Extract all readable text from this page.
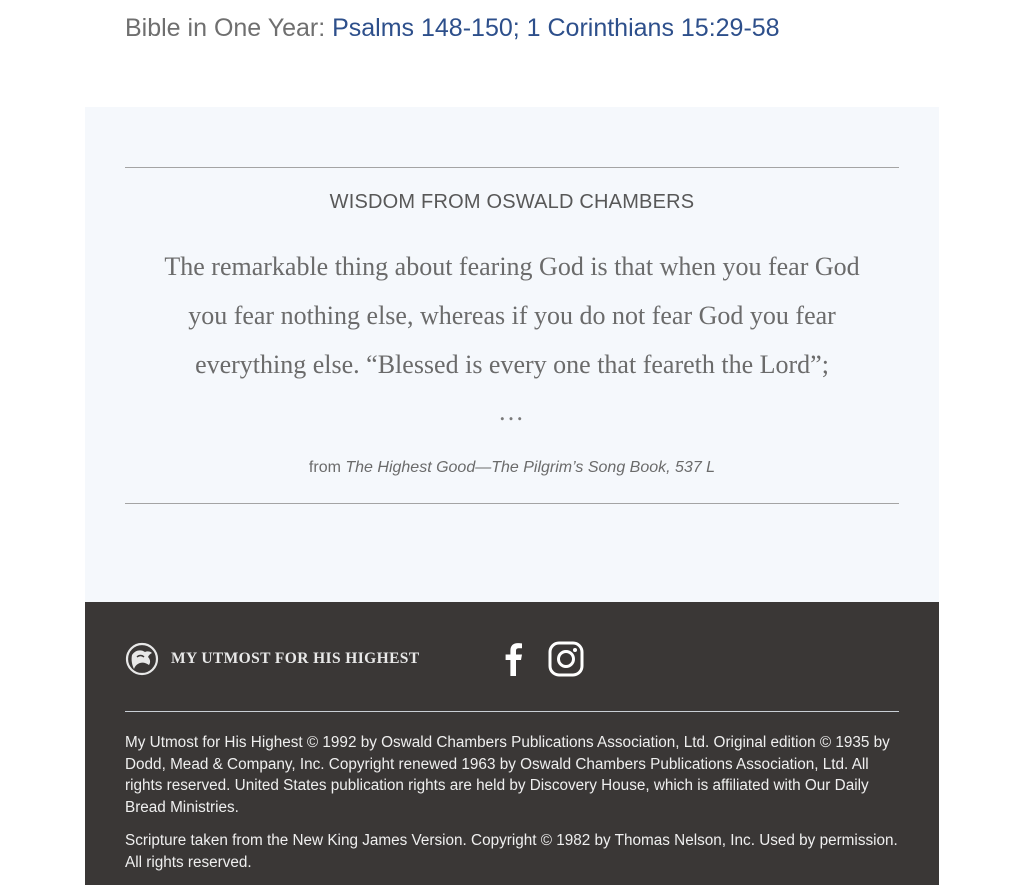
Bible in One Year: Psalms 148-150; 1 Corinthians 15:29-58
WISDOM FROM OSWALD CHAMBERS
The remarkable thing about fearing God is that when you fear God you fear nothing else, whereas if you do not fear God you fear everything else. “Blessed is every one that feareth the Lord”;
…
from The Highest Good—The Pilgrim’s Song Book, 537 L
MY UTMOST FOR HIS HIGHEST

My Utmost for His Highest © 1992 by Oswald Chambers Publications Association, Ltd. Original edition © 1935 by Dodd, Mead & Company, Inc. Copyright renewed 1963 by Oswald Chambers Publications Association, Ltd. All rights reserved. United States publication rights are held by Discovery House, which is affiliated with Our Daily Bread Ministries.

Scripture taken from the New King James Version. Copyright © 1982 by Thomas Nelson, Inc. Used by permission. All rights reserved.
